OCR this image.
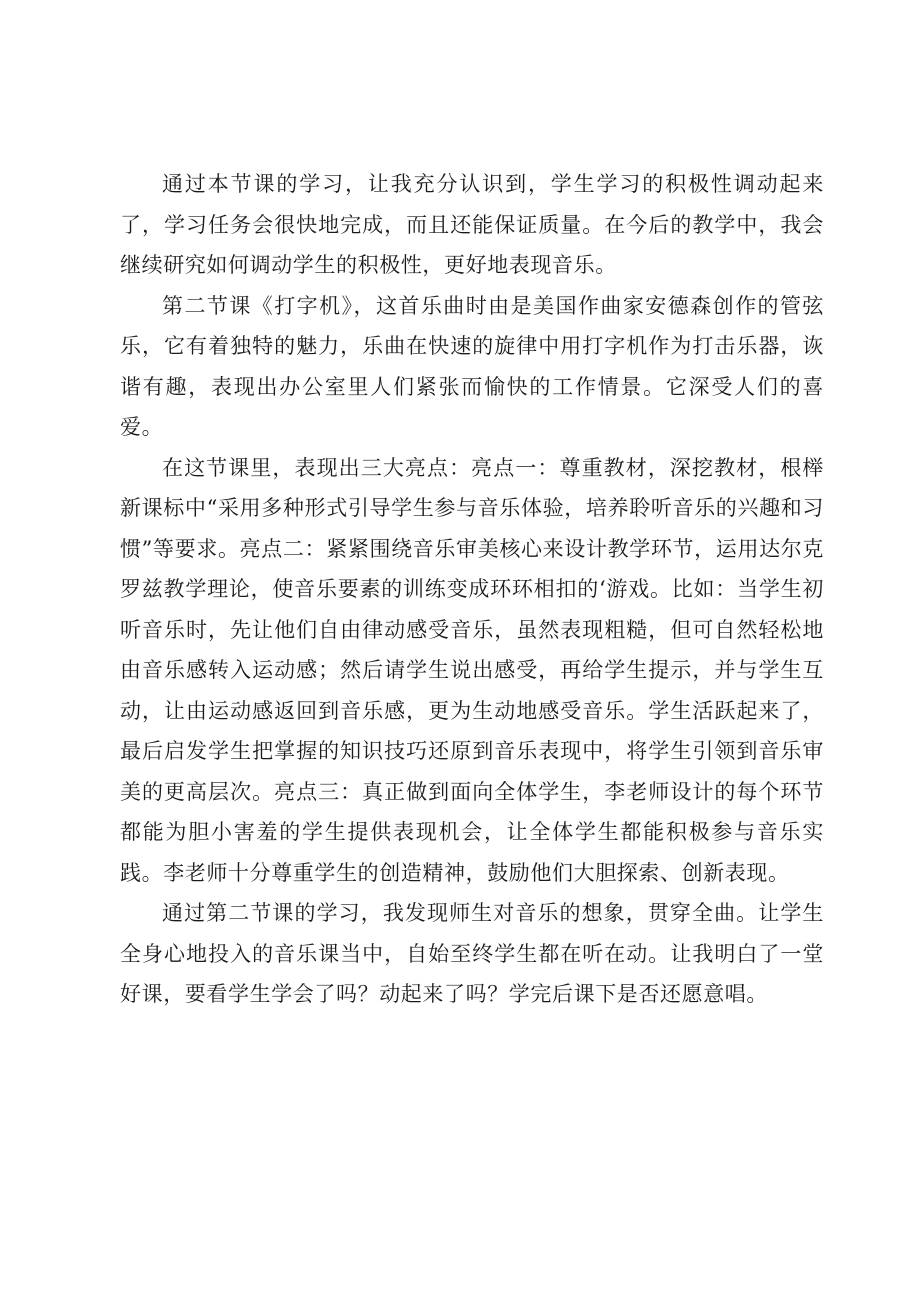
通过本节课的学习，让我充分认识到，学生学习的积极性调动起来了，学习任务会很快地完成，而且还能保证质量。在今后的教学中，我会继续研究如何调动学生的积极性，更好地表现音乐。

第二节课《打字机》，这首乐曲时由是美国作曲家安德森创作的管弦乐，它有着独特的魅力，乐曲在快速的旋律中用打字机作为打击乐器，诙谐有趣，表现出办公室里人们紧张而愉快的工作情景。它深受人们的喜爱。

在这节课里，表现出三大亮点：亮点一：尊重教材，深挖教材，根榉新课标中“采用多种形式引导学生参与音乐体验，培养聆听音乐的兴趣和习惯”等要求。亮点二：紧紧围绕音乐审美核心来设计教学环节，运用达尔克罗兹教学理论，使音乐要素的训练变成环环相扣的‘游戏。比如：当学生初听音乐时，先让他们自由律动感受音乐，虽然表现粗糙，但可自然轻松地由音乐感转入运动感；然后请学生说出感受，再给学生提示，并与学生互动，让由运动感返回到音乐感，更为生动地感受音乐。学生活跃起来了，最后启发学生把掌握的知识技巧还原到音乐表现中，将学生引领到音乐审美的更高层次。亮点三：真正做到面向全体学生，李老师设计的每个环节都能为胆小害羞的学生提供表现机会，让全体学生都能积极参与音乐实践。李老师十分尊重学生的创造精神，鼓励他们大胆探索、创新表现。

通过第二节课的学习，我发现师生对音乐的想象，贯穿全曲。让学生全身心地投入的音乐课当中，自始至终学生都在听在动。让我明白了一堂好课，要看学生学会了吗？动起来了吗？学完后课下是否还愿意唱。
